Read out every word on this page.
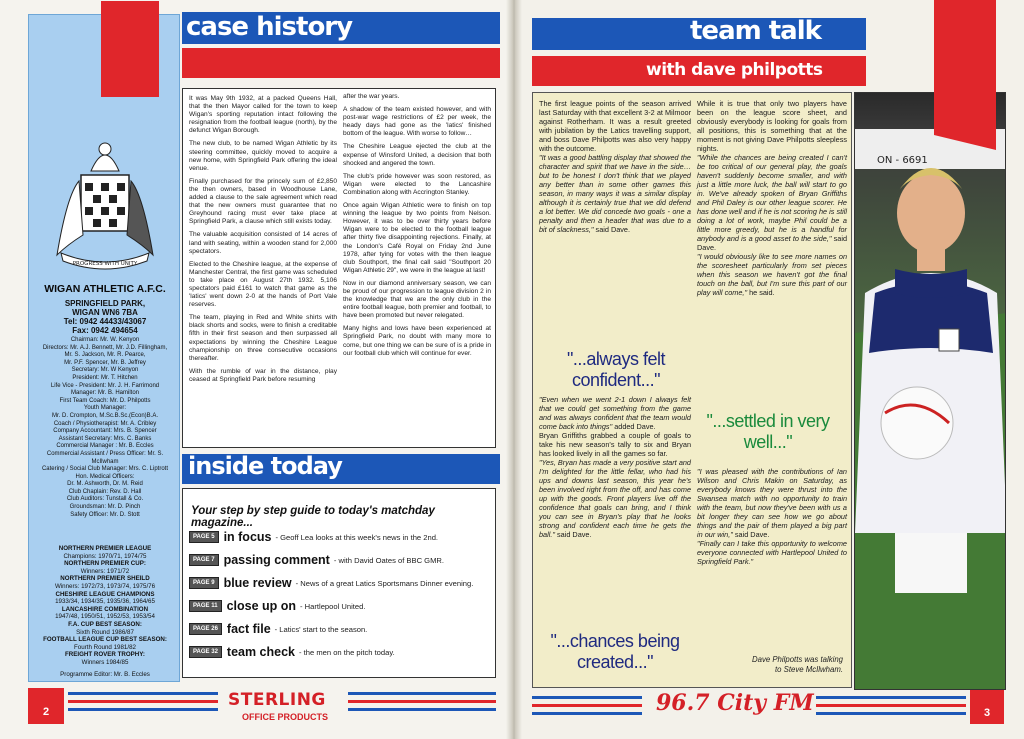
PROGRESS WITH UNITY
WIGAN ATHLETIC A.F.C.
SPRINGFIELD PARK,
WIGAN WN6 7BA
Tel: 0942 44433/43067
Fax: 0942 494654
Chairman: Mr. W. Kenyon
Directors: Mr. A.J. Bennett, Mr. J.D. Fillingham,
Mr. S. Jackson, Mr. R. Pearce,
Mr. P.F. Spencer, Mr. B. Jeffrey
Secretary: Mr. W Kenyon
President: Mr. T. Hitchen
Life Vice - President: Mr. J. H. Farrimond
Manager: Mr. B. Hamilton
First Team Coach: Mr. D. Philpotts
Youth Manager:
Mr. D. Crompton, M.Sc.B.Sc.(Econ)B.A.
Coach / Physiotherapist: Mr. A. Cribley
Company Accountant: Mrs. B. Spencer
Assistant Secretary: Mrs. C. Banks
Commercial Manager : Mr. B. Eccles
Commercial Assistant / Press Officer: Mr. S. McIlwham
Catering / Social Club Manager: Mrs. C. Liptrott
Hon. Medical Officers:
Dr. M. Ashworth, Dr. M. Reid
Club Chaplain: Rev. D. Hall
Club Auditors: Tunstall & Co.
Groundsman: Mr. D. Pinch
Safety Officer: Mr. D. Stott
NORTHERN PREMIER LEAGUE
Champions: 1970/71, 1974/75
NORTHERN PREMIER CUP:
Winners: 1971/72
NORTHERN PREMIER SHEILD
Winners: 1972/73, 1973/74, 1975/76
CHESHIRE LEAGUE CHAMPIONS
1933/34, 1934/35, 1935/36, 1964/65
LANCASHIRE COMBINATION
1947/48, 1950/51, 1952/53, 1953/54
F.A. CUP BEST SEASON:
Sixth Round 1986/87
FOOTBALL LEAGUE CUP BEST SEASON:
Fourth Round 1981/82
FREIGHT ROVER TROPHY:
Winners 1984/85
Programme Editor: Mr. B. Eccles
case history

It was May 9th 1932, at a packed Queens Hall, that the then Mayor called for the town to keep Wigan's sporting reputation intact following the resignation from the football league (north), by the defunct Wigan Borough.

The new club, to be named Wigan Athletic by its steering committee, quickly moved to acquire a new home, with Springfield Park offering the ideal venue.

Finally purchased for the princely sum of £2,850 the then owners, based in Woodhouse Lane, added a clause to the sale agreement which read that the new owners must guarantee that no Greyhound racing must ever take place at Springfield Park, a clause which still exists today.

The valuable acquisition consisted of 14 acres of land with seating, within a wooden stand for 2,000 spectators.

Elected to the Cheshire league, at the expense of Manchester Central, the first game was scheduled to take place on August 27th 1932. 5,106 spectators paid £161 to watch that game as the 'latics' went down 2-0 at the hands of Port Vale reserves.

The team, playing in Red and White shirts with black shorts and socks, were to finish a creditable fifth in their first season and then surpassed all expectations by winning the Cheshire League championship on three consecutive occasions thereafter.

With the rumble of war in the distance, play ceased at Springfield Park before resuming

after the war years.

A shadow of the team existed however, and with post-war wage restrictions of £2 per week, the heady days had gone as the 'latics' finished bottom of the league. With worse to follow…

The Cheshire League ejected the club at the expense of Winsford United, a decision that both shocked and angered the town.

The club's pride however was soon restored, as Wigan were elected to the Lancashire Combination along with Accrington Stanley.

Once again Wigan Athletic were to finish on top winning the league by two points from Nelson. However, it was to be over thirty years before Wigan were to be elected to the football league after thirty five disappointing rejections. Finally, at the London's Café Royal on Friday 2nd June 1978, after tying for votes with the then league club Southport, the final call said "Southport 20 Wigan Athletic 29", we were in the league at last!

Now in our diamond anniversary season, we can be proud of our progression to league division 2 in the knowledge that we are the only club in the entire football league, both premier and football, to have been promoted but never relegated.

Many highs and lows have been experienced at Springfield Park, no doubt with many more to come, but one thing we can be sure of is a pride in our football club which will continue for ever.

inside today
Your step by step guide to today's matchday magazine...
PAGE 5 in focus - Geoff Lea looks at this week's news in the 2nd.
PAGE 7 passing comment - with David Oates of BBC GMR.
PAGE 9 blue review - News of a great Latics Sportsmans Dinner evening.
PAGE 11 close up on - Hartlepool United.
PAGE 26 fact file - Latics' start to the season.
PAGE 32 team check - the men on the pitch today.
2
STERLING
OFFICE PRODUCTS
team talk
with dave philpotts

The first league points of the season arrived last Saturday with that excellent 3-2 at Milmoor against Rotherham. It was a result greeted with jubilation by the Latics travelling support, and boss Dave Philpotts was also very happy with the outcome.

"It was a good battling display that showed the character and spirit that we have in the side… but to be honest I don't think that we played any better than in some other games this season, in many ways it was a similar display although it is certainly true that we did defend a lot better. We did concede two goals - one a penalty and then a header that was due to a bit of slackness," said Dave.

"...always felt confident..."

"Even when we went 2-1 down I always felt that we could get something from the game and was always confident that the team would come back into things" added Dave.

Bryan Griffiths grabbed a couple of goals to take his new season's tally to six and Bryan has looked lively in all the games so far.

"Yes, Bryan has made a very positive start and I'm delighted for the little fellar, who had his ups and downs last season, this year he's been involved right from the off, and has come up with the goods. Front players live off the confidence that goals can bring, and I think you can see in Bryan's play that he looks strong and confident each time he gets the ball." said Dave.

"...chances being created..."

While it is true that only two players have been on the league score sheet, and obviously everybody is looking for goals from all positions, this is something that at the moment is not giving Dave Philpotts sleepless nights.

"While the chances are being created I can't be too critical of our general play, the goals haven't suddenly become smaller, and with just a little more luck, the ball will start to go in. We've already spoken of Bryan Griffiths and Phil Daley is our other league scorer. He has done well and if he is not scoring he is still doing a lot of work, maybe Phil could be a little more greedy, but he is a handful for anybody and is a good asset to the side," said Dave.

"I would obviously like to see more names on the scoresheet particularly from set pieces when this season we haven't got the final touch on the ball, but I'm sure this part of our play will come," he said.

"...settled in very well..."

"I was pleased with the contributions of Ian Wilson and Chris Makin on Saturday, as everybody knows they were thrust into the Swansea match with no opportunity to train with the team, but now they've been with us a bit longer they can see how we go about things and the pair of them played a big part in our win," said Dave.

"Finally can I take this opportunity to welcome everyone connected with Hartlepool United to Springfield Park."

Dave Philpotts was talking
to Steve McIlwham.
ON - 6691
96.7 City FM	3
